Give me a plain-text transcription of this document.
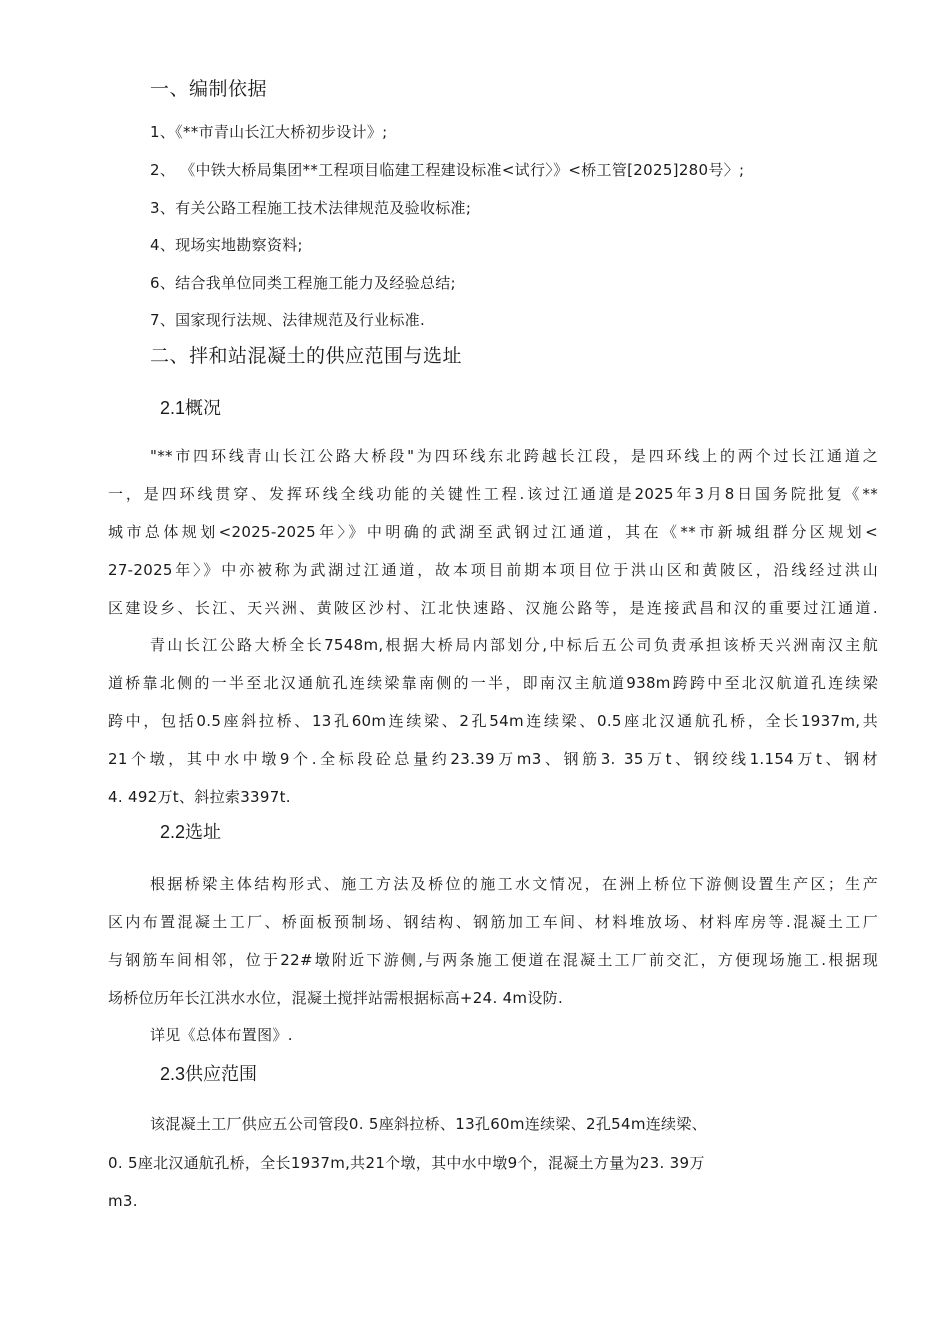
一、编制依据
1、《**市青山长江大桥初步设计》;
2、 《中铁大桥局集团**工程项目临建工程建设标准<试行〉》<桥工管[2025]280号〉;
3、有关公路工程施工技术法律规范及验收标准;
4、现场实地勘察资料;
6、结合我单位同类工程施工能力及经验总结;
7、国家现行法规、法律规范及行业标准.
二、拌和站混凝土的供应范围与选址
2.1概况
"**市四环线青山长江公路大桥段"为四环线东北跨越长江段，是四环线上的两个过长江通道之
一，是四环线贯穿、发挥环线全线功能的关键性工程.该过江通道是2025年3月8日国务院批复《**
城市总体规划<2025-2025年〉》中明确的武湖至武钢过江通道，其在《**市新城组群分区规划<
27-2025年〉》中亦被称为武湖过江通道，故本项目前期本项目位于洪山区和黄陂区，沿线经过洪山
区建设乡、长江、天兴洲、黄陂区沙村、江北快速路、汉施公路等，是连接武昌和汉的重要过江通道.
青山长江公路大桥全长7548m,根据大桥局内部划分,中标后五公司负责承担该桥天兴洲南汉主航
道桥靠北侧的一半至北汉通航孔连续梁靠南侧的一半，即南汉主航道938m跨跨中至北汉航道孔连续梁
跨中，包括0.5座斜拉桥、13孔60m连续梁、2孔54m连续梁、0.5座北汉通航孔桥，全长1937m,共
21个墩，其中水中墩9个.全标段砼总量约23.39万m3、钢筋3. 35万t、钢绞线1.154万t、钢材
4. 492万t、斜拉索3397t.
2.2选址
根据桥梁主体结构形式、施工方法及桥位的施工水文情况，在洲上桥位下游侧设置生产区；生产
区内布置混凝土工厂、桥面板预制场、钢结构、钢筋加工车间、材料堆放场、材料库房等.混凝土工厂
与钢筋车间相邻，位于22#墩附近下游侧,与两条施工便道在混凝土工厂前交汇，方便现场施工.根据现
场桥位历年长江洪水水位，混凝土搅拌站需根据标高+24. 4m设防.
详见《总体布置图》.
2.3供应范围
该混凝土工厂供应五公司管段0. 5座斜拉桥、13孔60m连续梁、2孔54m连续梁、
0. 5座北汉通航孔桥，全长1937m,共21个墩，其中水中墩9个，混凝土方量为23. 39万
m3.
